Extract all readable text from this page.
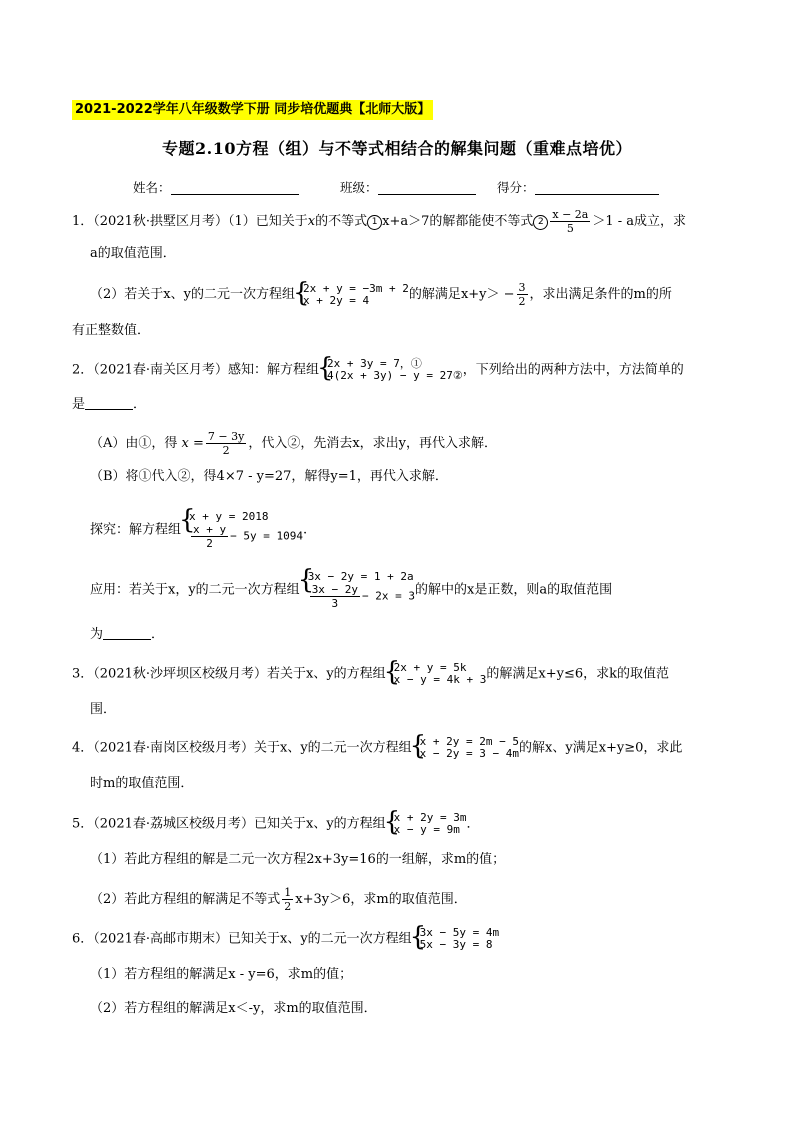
2021-2022学年八年级数学下册 同步培优题典【北师大版】
专题2.10方程（组）与不等式相结合的解集问题（重难点培优）
姓名：	班级：	得分：
1．（2021秋·拱墅区月考）（1）已知关于x的不等式 1 x+a＞7的解都能使不等式 $2 \frac{x - 2a}{5} >1 - a$成立，求
a的取值范围．
（2）若关于x、y的二元一次方程组 { 2x + y = −3m + 2
x + 2y = 4	的解满足$x+y> - \frac{3}{2}$ ，求出满足条件的m的所
有正整数值．
2．（2021春·南关区月考）感知：解方程组 { 2x + 3y = 7，①
4(2x + 3y) − y = 27② ，下列给出的两种方法中，方法简单的
是	．
（A）由①，得 $x = \frac{7 - 3y}{2}$ ，代入②，先消去x，求出y，再代入求解．
（B）将①代入②，得4×7 - y=27，解得y=1，再代入求解．
探究：解方程组
{ x + y = 2018
$\frac{x + y}{2} - 5y = 1094$ .
应用：若关于x，y的二元一次方程组
{ 3x − 2y = 1 + 2a
$\frac{3x - 2y}{3} - 2x = 3$ 的解中的x是正数，则a的取值范围
为	．
3．（2021秋·沙坪坝区校级月考）若关于x、y的方程组 { 2x + y = 5k
x − y = 4k + 3 的解满足x+y≤6，求k的取值范
围．
4．（2021春·南岗区校级月考）关于x、y的二元一次方程组 { x + 2y = 2m − 5
x − 2y = 3 − 4m 的解x、y满足x+y≥0，求此
时m的取值范围．
5．（2021春·荔城区校级月考）已知关于x、y的方程组 { x + 2y = 3m
x − y = 9m ．
（1）若此方程组的解是二元一次方程2x+3y=16的一组解，求m的值；
（2）若此方程组的解满足不等式 $\frac{1}{2} x+3y>6$，求m的取值范围．
6．（2021春·高邮市期末）已知关于x、y的二元一次方程组 { 3x − 5y = 4m
5x − 3y = 8
（1）若方程组的解满足x - y=6，求m的值；
（2）若方程组的解满足x＜-y，求m的取值范围．
